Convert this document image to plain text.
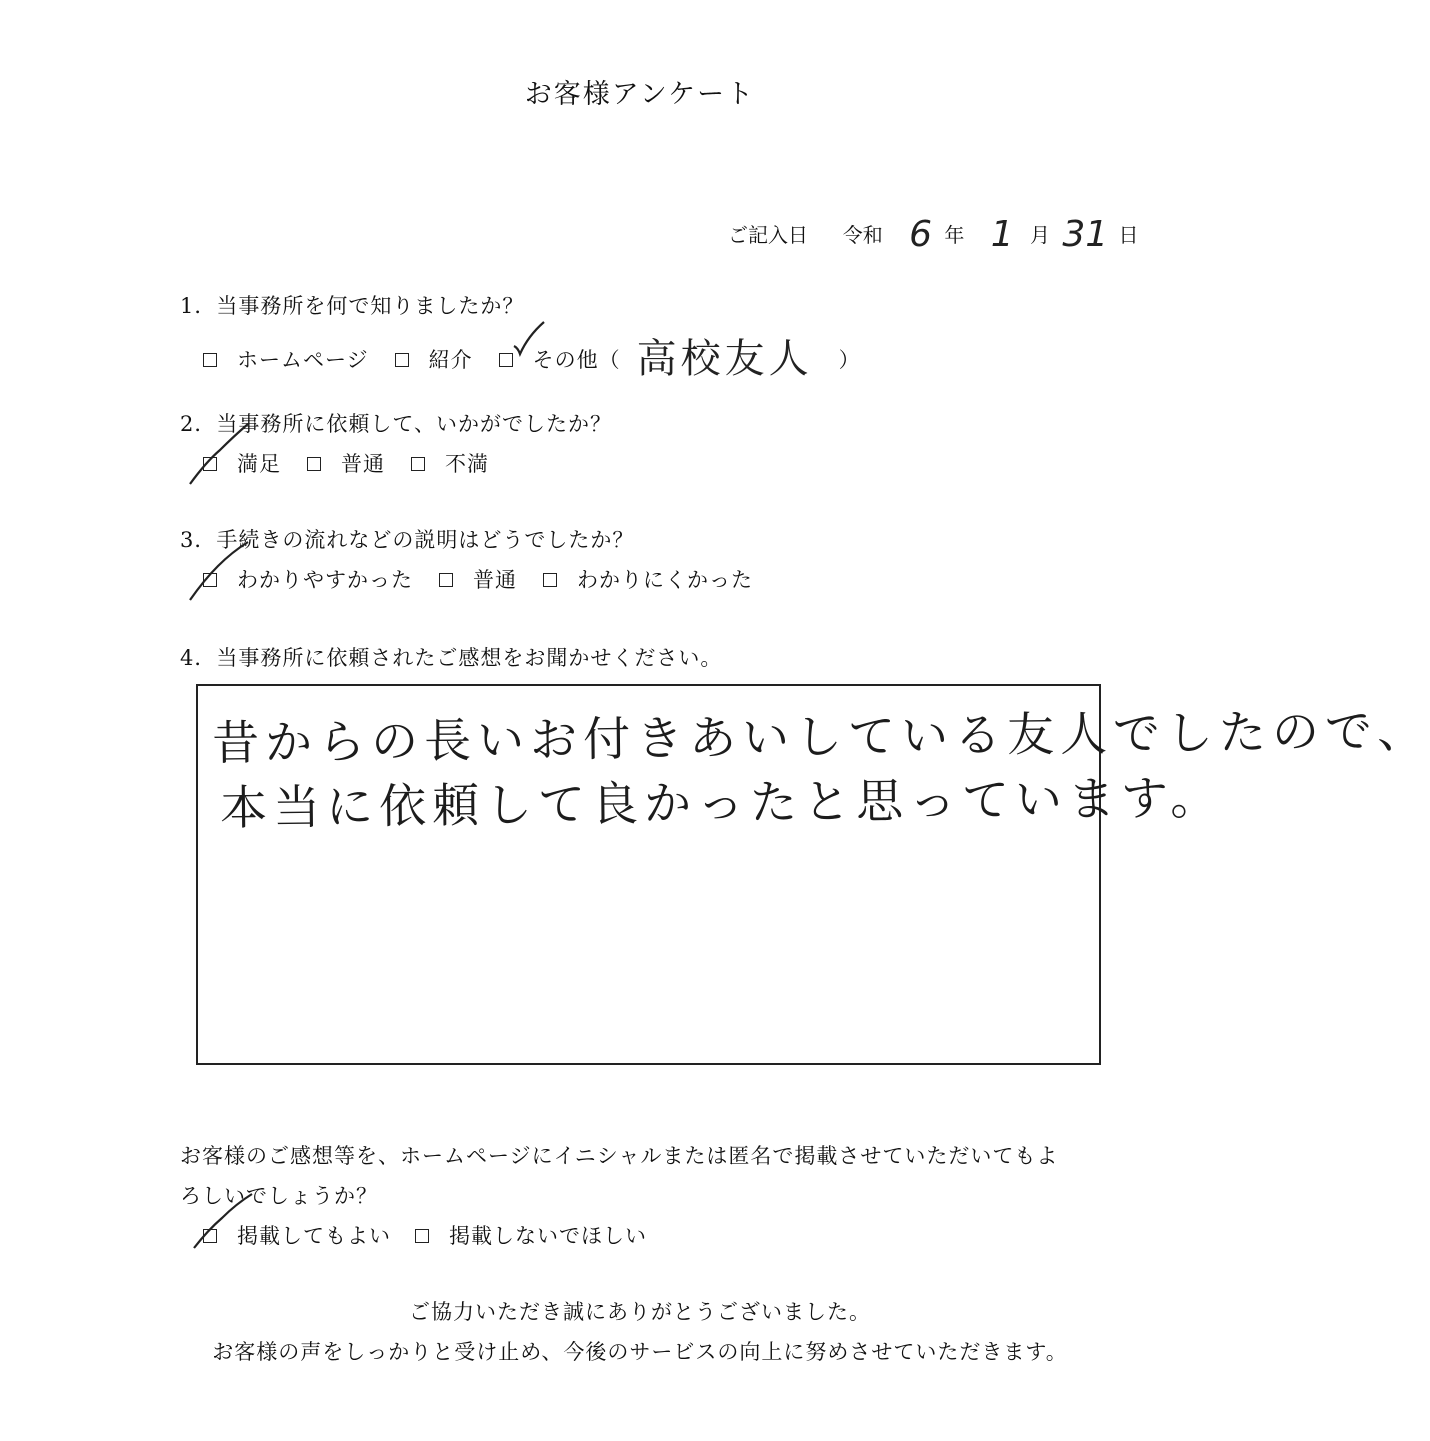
お客様アンケート
ご記入日 令和 6 年 1 月 31 日
1．当事務所を何で知りましたか？
ホームページ	紹介	その他（ 高校友人 ）
2．当事務所に依頼して、いかがでしたか？
満足	普通	不満
3．手続きの流れなどの説明はどうでしたか？
わかりやすかった	普通	わかりにくかった
4．当事務所に依頼されたご感想をお聞かせください。
昔からの長いお付きあいしている友人でしたので、
本当に依頼して良かったと思っています。
お客様のご感想等を、ホームページにイニシャルまたは匿名で掲載させていただいてもよ
ろしいでしょうか？
掲載してもよい	掲載しないでほしい
ご協力いただき誠にありがとうございました。
お客様の声をしっかりと受け止め、今後のサービスの向上に努めさせていただきます。
